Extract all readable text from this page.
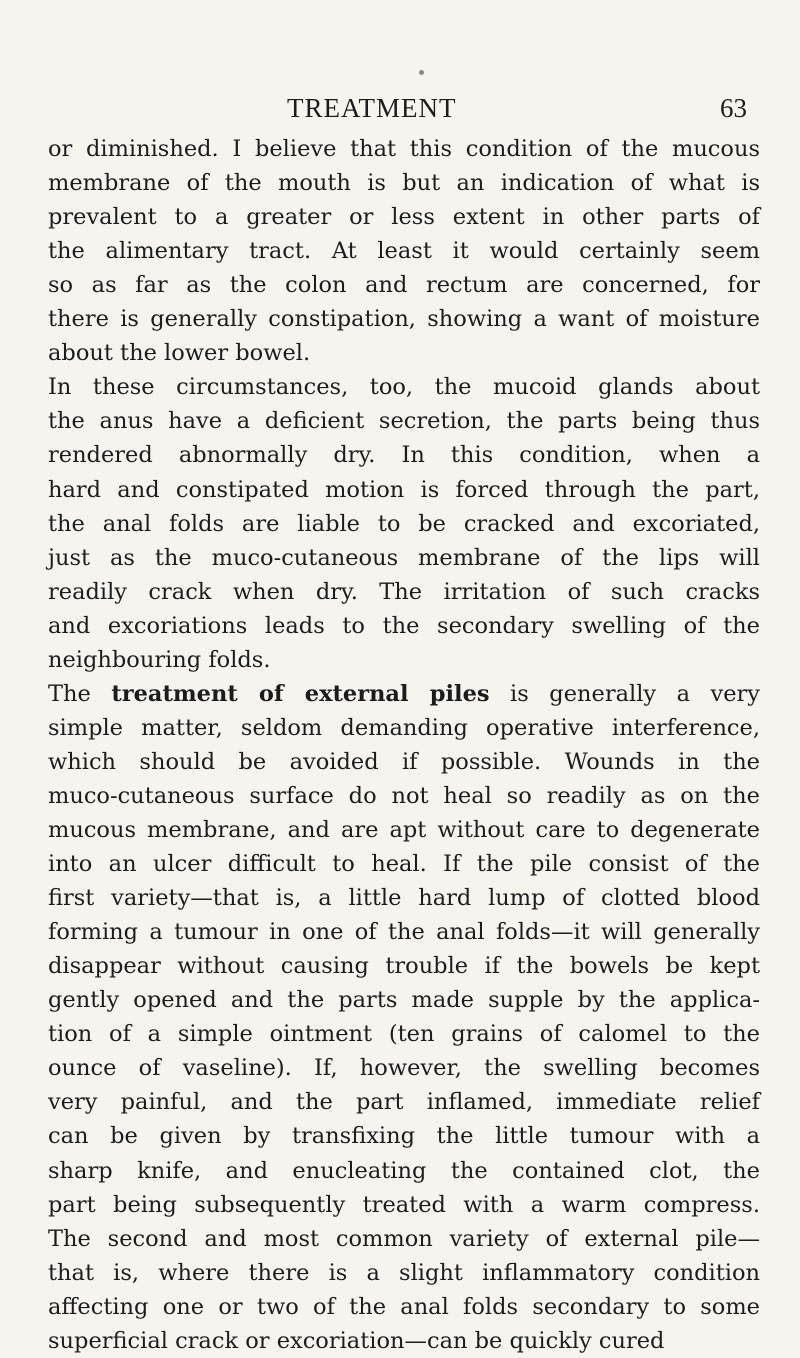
TREATMENT	63
or diminished. I believe that this condition of the mucous
membrane of the mouth is but an indication of what is
prevalent to a greater or less extent in other parts of
the alimentary tract. At least it would certainly seem
so as far as the colon and rectum are concerned, for
there is generally constipation, showing a want of moisture
about the lower bowel.
In these circumstances, too, the mucoid glands about
the anus have a deficient secretion, the parts being thus
rendered abnormally dry. In this condition, when a
hard and constipated motion is forced through the part,
the anal folds are liable to be cracked and excoriated,
just as the muco-cutaneous membrane of the lips will
readily crack when dry. The irritation of such cracks
and excoriations leads to the secondary swelling of the
neighbouring folds.
The treatment of external piles is generally a very
simple matter, seldom demanding operative interference,
which should be avoided if possible. Wounds in the
muco-cutaneous surface do not heal so readily as on the
mucous membrane, and are apt without care to degenerate
into an ulcer difficult to heal. If the pile consist of the
first variety—that is, a little hard lump of clotted blood
forming a tumour in one of the anal folds—it will generally
disappear without causing trouble if the bowels be kept
gently opened and the parts made supple by the applica-
tion of a simple ointment (ten grains of calomel to the
ounce of vaseline). If, however, the swelling becomes
very painful, and the part inflamed, immediate relief
can be given by transfixing the little tumour with a
sharp knife, and enucleating the contained clot, the
part being subsequently treated with a warm compress.
The second and most common variety of external pile—
that is, where there is a slight inflammatory condition
affecting one or two of the anal folds secondary to some
superficial crack or excoriation—can be quickly cured
